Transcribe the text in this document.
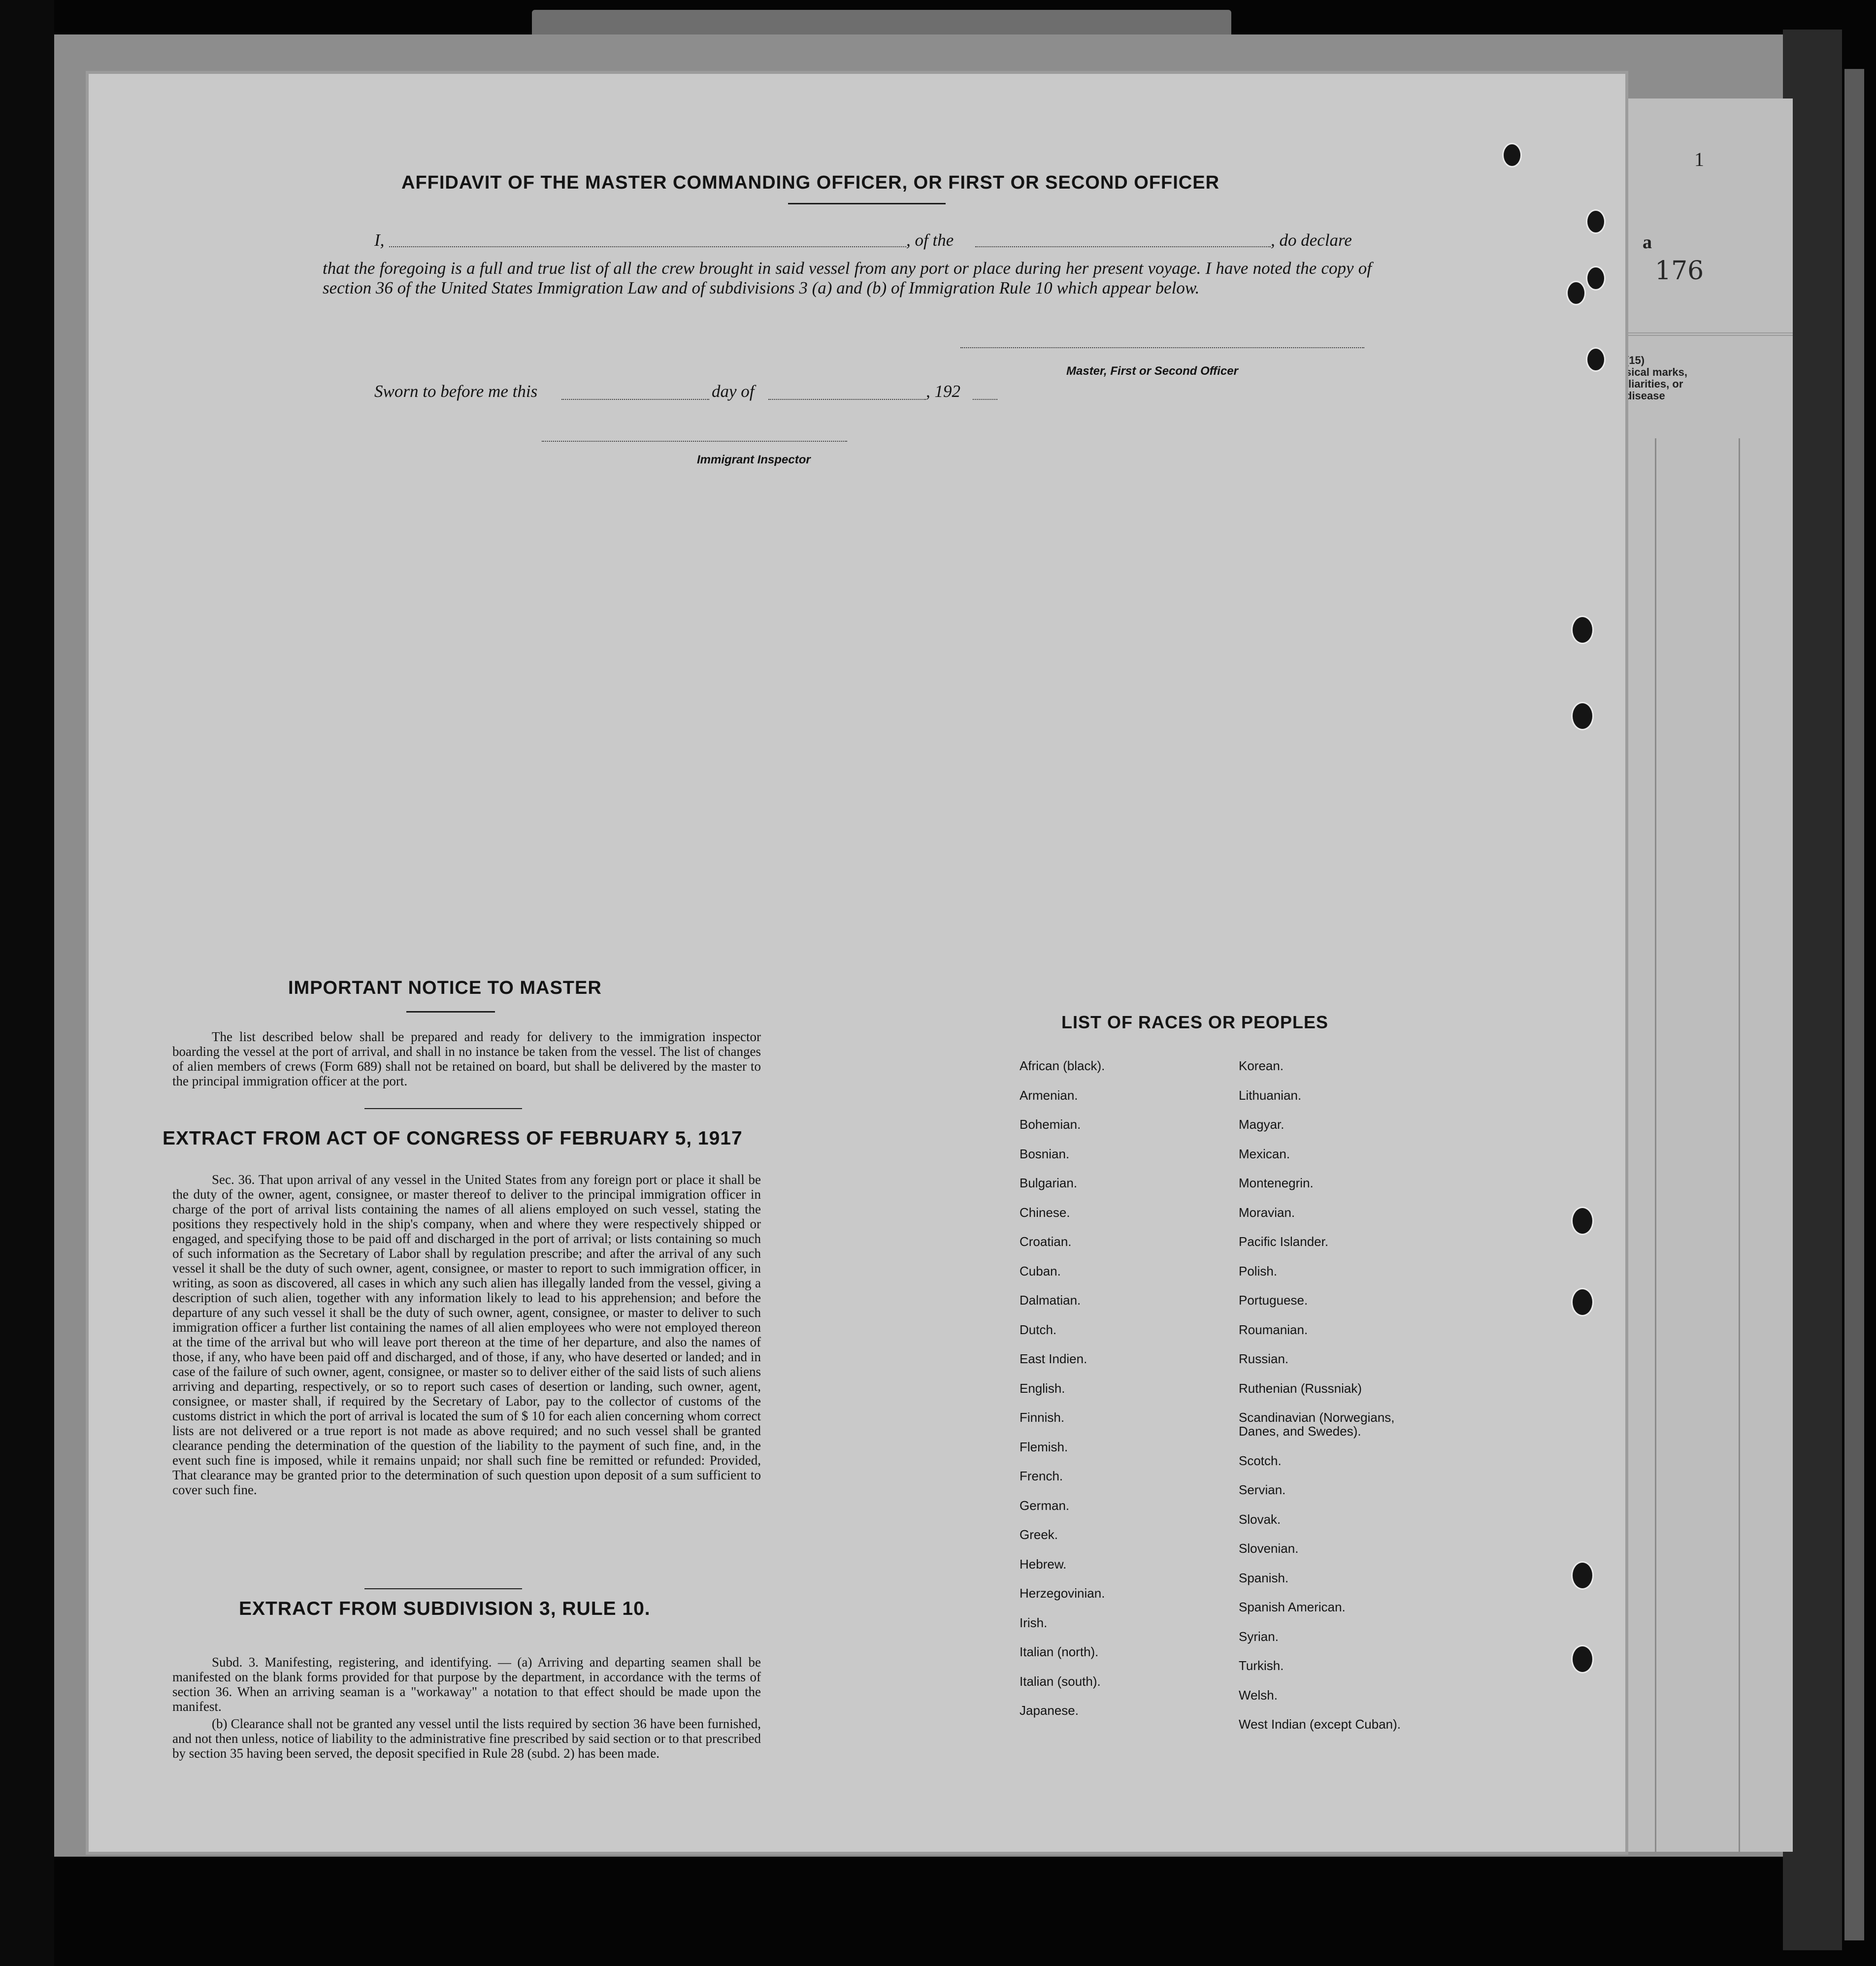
1
a
176
(15)
sical marks,
iliarities, or
disease
AFFIDAVIT OF THE MASTER COMMANDING OFFICER, OR FIRST OR SECOND OFFICER
I,	, of the	, do declare
that the foregoing is a full and true list of all the crew brought in said vessel from any port or place during her present voyage. I have noted the copy of section 36 of the United States Immigration Law and of subdivisions 3 (a) and (b) of Immigration Rule 10 which appear below.
Master, First or Second Officer
Sworn to before me this	day of	, 192
Immigrant Inspector
IMPORTANT NOTICE TO MASTER
The list described below shall be prepared and ready for delivery to the immigration inspector boarding the vessel at the port of arrival, and shall in no instance be taken from the vessel. The list of changes of alien members of crews (Form 689) shall not be retained on board, but shall be delivered by the master to the principal immigration officer at the port.
EXTRACT FROM ACT OF CONGRESS OF FEBRUARY 5, 1917
Sec. 36. That upon arrival of any vessel in the United States from any foreign port or place it shall be the duty of the owner, agent, consignee, or master thereof to deliver to the principal immigration officer in charge of the port of arrival lists containing the names of all aliens employed on such vessel, stating the positions they respectively hold in the ship's company, when and where they were respectively shipped or engaged, and specifying those to be paid off and discharged in the port of arrival; or lists containing so much of such information as the Secretary of Labor shall by regulation prescribe; and after the arrival of any such vessel it shall be the duty of such owner, agent, consignee, or master to report to such immigration officer, in writing, as soon as discovered, all cases in which any such alien has illegally landed from the vessel, giving a description of such alien, together with any information likely to lead to his apprehension; and before the departure of any such vessel it shall be the duty of such owner, agent, consignee, or master to deliver to such immigration officer a further list containing the names of all alien employees who were not employed thereon at the time of the arrival but who will leave port thereon at the time of her departure, and also the names of those, if any, who have been paid off and discharged, and of those, if any, who have deserted or landed; and in case of the failure of such owner, agent, consignee, or master so to deliver either of the said lists of such aliens arriving and departing, respectively, or so to report such cases of desertion or landing, such owner, agent, consignee, or master shall, if required by the Secretary of Labor, pay to the collector of customs of the customs district in which the port of arrival is located the sum of $ 10 for each alien concerning whom correct lists are not delivered or a true report is not made as above required; and no such vessel shall be granted clearance pending the determination of the question of the liability to the payment of such fine, and, in the event such fine is imposed, while it remains unpaid; nor shall such fine be remitted or refunded: Provided, That clearance may be granted prior to the determination of such question upon deposit of a sum sufficient to cover such fine.
EXTRACT FROM SUBDIVISION 3, RULE 10.
Subd. 3. Manifesting, registering, and identifying. — (a) Arriving and departing seamen shall be manifested on the blank forms provided for that purpose by the department, in accordance with the terms of section 36. When an arriving seaman is a "workaway" a notation to that effect should be made upon the manifest.
(b) Clearance shall not be granted any vessel until the lists required by section 36 have been furnished, and not then unless, notice of liability to the administrative fine prescribed by said section or to that prescribed by section 35 having been served, the deposit specified in Rule 28 (subd. 2) has been made.
LIST OF RACES OR PEOPLES
African (black).
Armenian.
Bohemian.
Bosnian.
Bulgarian.
Chinese.
Croatian.
Cuban.
Dalmatian.
Dutch.
East Indien.
English.
Finnish.
Flemish.
French.
German.
Greek.
Hebrew.
Herzegovinian.
Irish.
Italian (north).
Italian (south).
Japanese.
Korean.
Lithuanian.
Magyar.
Mexican.
Montenegrin.
Moravian.
Pacific Islander.
Polish.
Portuguese.
Roumanian.
Russian.
Ruthenian (Russniak)
Scandinavian (Norwegians,
Danes, and Swedes).
Scotch.
Servian.
Slovak.
Slovenian.
Spanish.
Spanish American.
Syrian.
Turkish.
Welsh.
West Indian (except Cuban).
